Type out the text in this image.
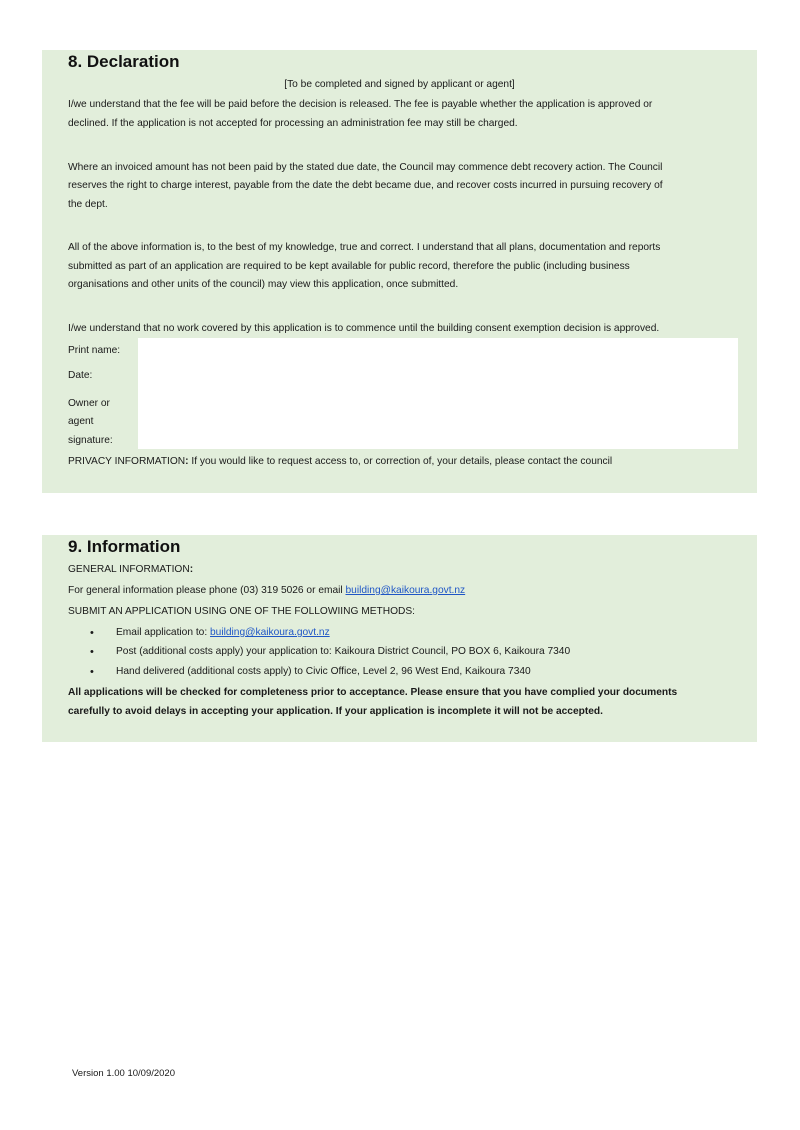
8. Declaration

[To be completed and signed by applicant or agent]

I/we understand that the fee will be paid before the decision is released. The fee is payable whether the application is approved or

declined. If the application is not accepted for processing an administration fee may still be charged.

Where an invoiced amount has not been paid by the stated due date, the Council may commence debt recovery action. The Council

reserves the right to charge interest, payable from the date the debt became due, and recover costs incurred in pursuing recovery of

the dept.

All of the above information is, to the best of my knowledge, true and correct. I understand that all plans, documentation and reports

submitted as part of an application are required to be kept available for public record, therefore the public (including business

organisations and other units of the council) may view this application, once submitted.

I/we understand that no work covered by this application is to commence until the building consent exemption decision is approved.

Print name:
Date:
Owner or
agent
signature:

PRIVACY INFORMATION: If you would like to request access to, or correction of, your details, please contact the council

9. Information

GENERAL INFORMATION:

For general information please phone (03) 319 5026 or email building@kaikoura.govt.nz

SUBMIT AN APPLICATION USING ONE OF THE FOLLOWIING METHODS:

• Email application to: building@kaikoura.govt.nz

• Post (additional costs apply) your application to: Kaikoura District Council, PO BOX 6, Kaikoura 7340

• Hand delivered (additional costs apply) to Civic Office, Level 2, 96 West End, Kaikoura 7340

All applications will be checked for completeness prior to acceptance. Please ensure that you have complied your documents

carefully to avoid delays in accepting your application. If your application is incomplete it will not be accepted.

Version 1.00 10/09/2020
